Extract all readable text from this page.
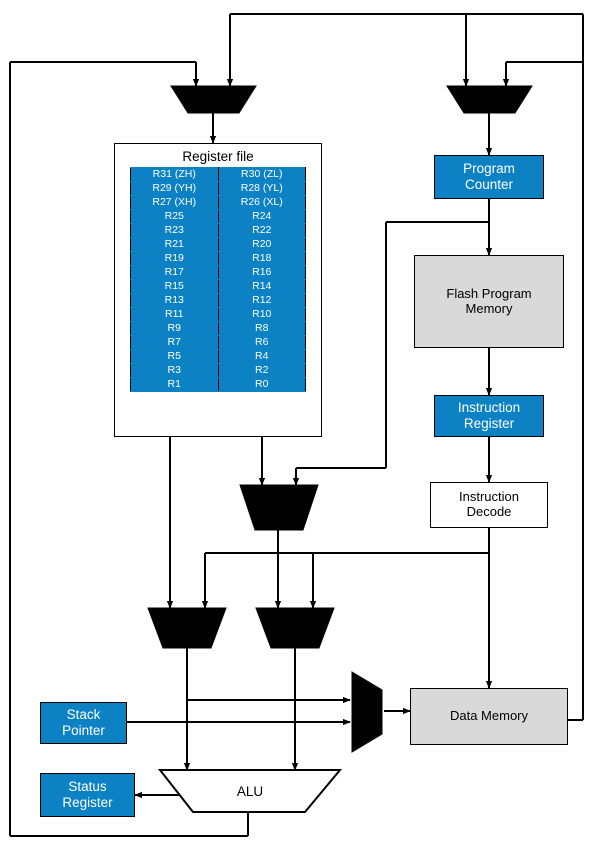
Register file
R31 (ZH)	R30 (ZL)
R29 (YH)	R28 (YL)
R27 (XH)	R26 (XL)
R25	R24
R23	R22
R21	R20
R19	R18
R17	R16
R15	R14
R13	R12
R11	R10
R9	R8
R7	R6
R5	R4
R3	R2
R1	R0
Program
Counter
Flash Program
Memory
Instruction
Register
Instruction
Decode
Data Memory
Stack
Pointer
Status
Register
ALU
